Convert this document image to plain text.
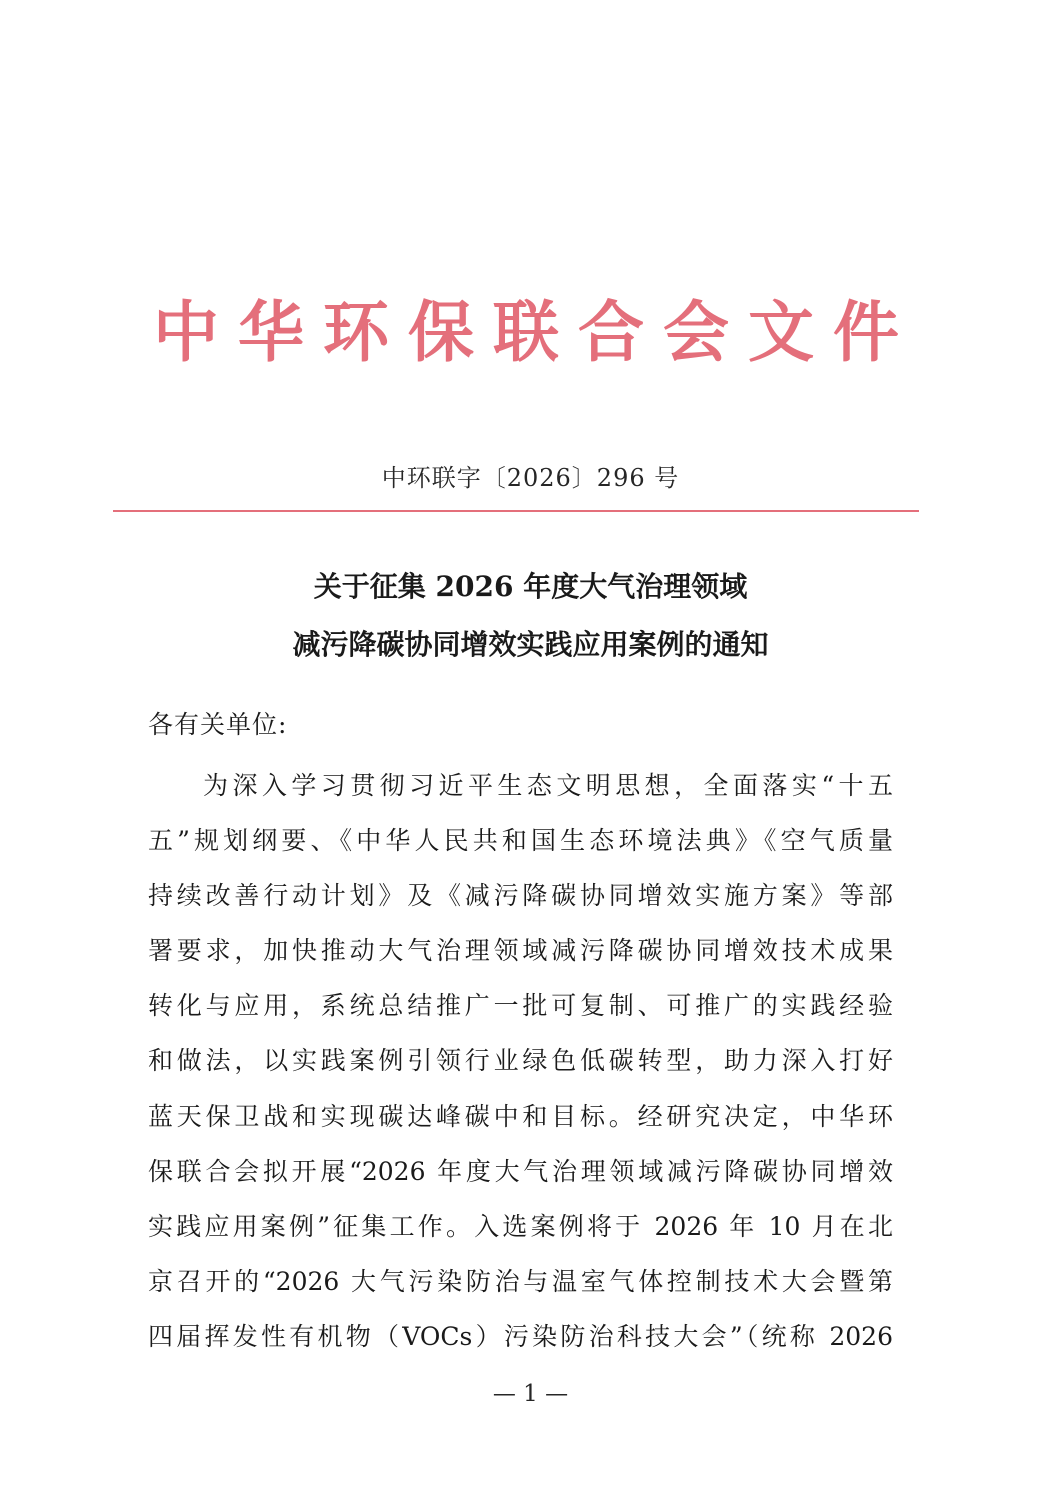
中华环保联合会文件
中环联字〔2026〕296 号
关于征集 2026 年度大气治理领域
减污降碳协同增效实践应用案例的通知
各有关单位:
为深入学习贯彻习近平生态文明思想，全面落实“十五
五”规划纲要、《中华人民共和国生态环境法典》《空气质量
持续改善行动计划》及《减污降碳协同增效实施方案》等部
署要求，加快推动大气治理领域减污降碳协同增效技术成果
转化与应用，系统总结推广一批可复制、可推广的实践经验
和做法，以实践案例引领行业绿色低碳转型，助力深入打好
蓝天保卫战和实现碳达峰碳中和目标。经研究决定，中华环
保联合会拟开展“2026 年度大气治理领域减污降碳协同增效
实践应用案例”征集工作。入选案例将于 2026 年 10 月在北
京召开的“2026 大气污染防治与温室气体控制技术大会暨第
四届挥发性有机物（VOCs）污染防治科技大会”（统称 2026
— 1 —
